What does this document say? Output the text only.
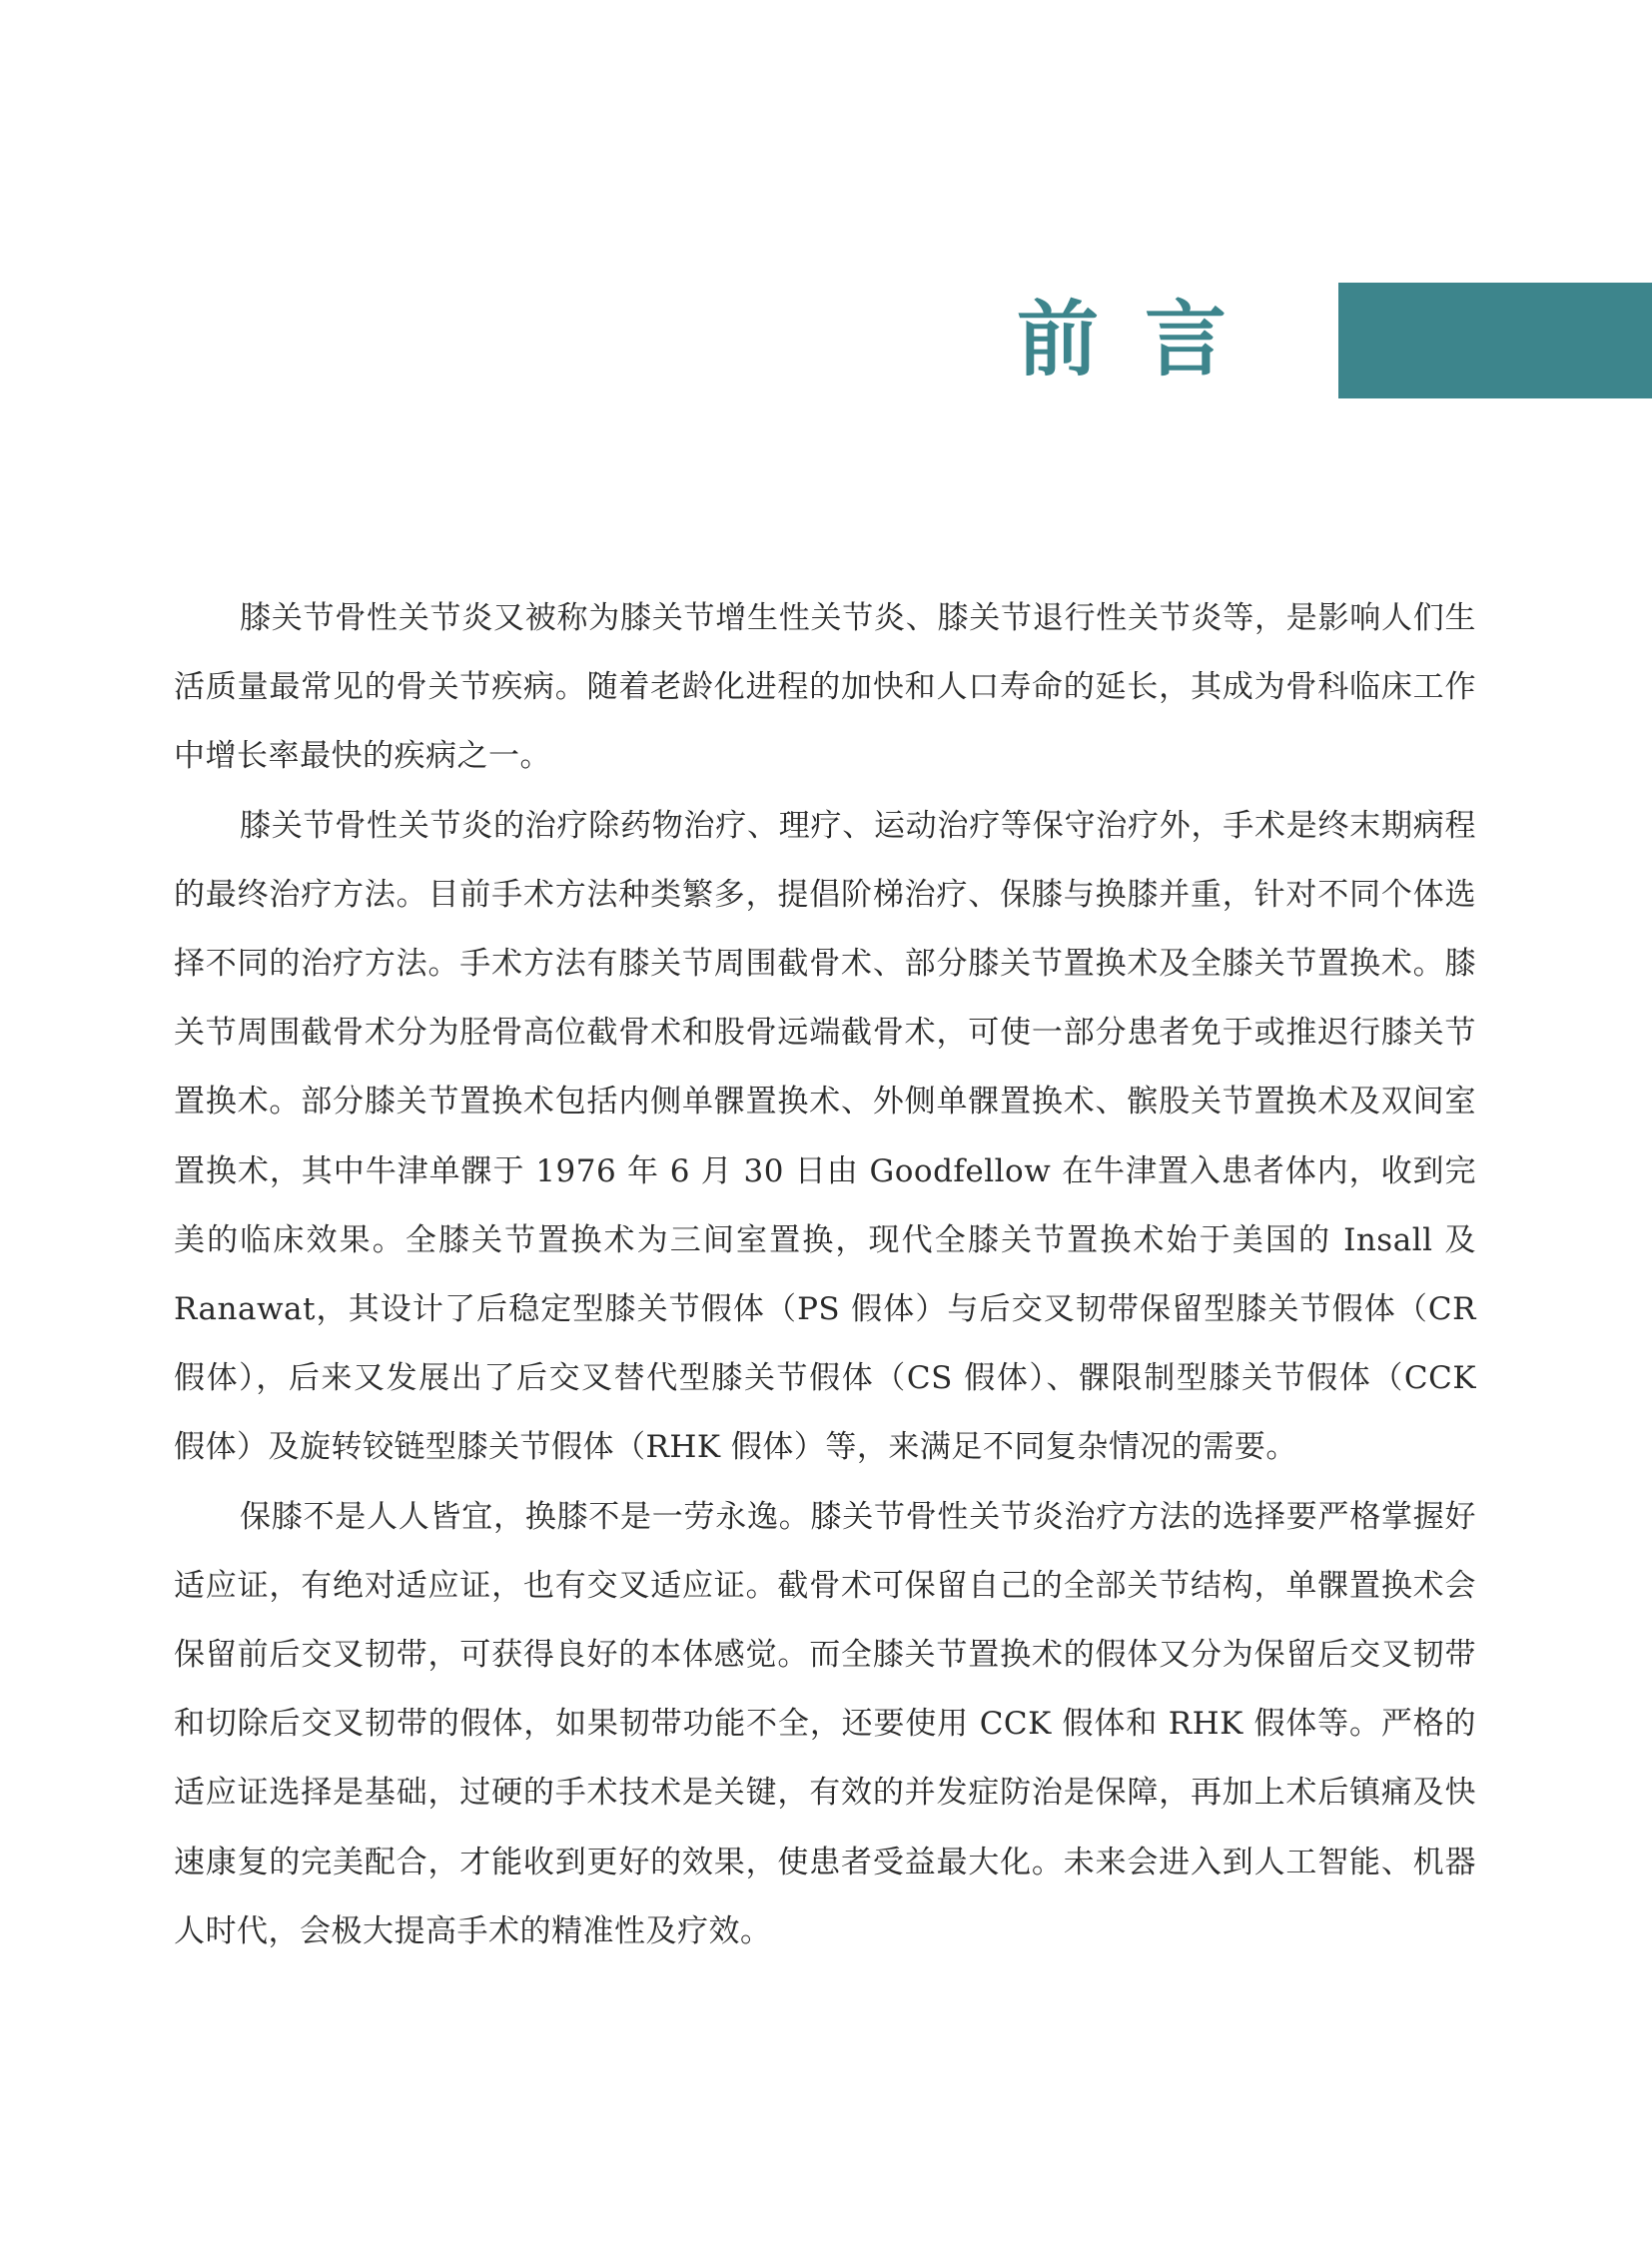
前言

膝关节骨性关节炎又被称为膝关节增生性关节炎、膝关节退行性关节炎等，是影响人们生活质量最常见的骨关节疾病。随着老龄化进程的加快和人口寿命的延长，其成为骨科临床工作中增长率最快的疾病之一。

膝关节骨性关节炎的治疗除药物治疗、理疗、运动治疗等保守治疗外，手术是终末期病程的最终治疗方法。目前手术方法种类繁多，提倡阶梯治疗、保膝与换膝并重，针对不同个体选择不同的治疗方法。手术方法有膝关节周围截骨术、部分膝关节置换术及全膝关节置换术。膝关节周围截骨术分为胫骨高位截骨术和股骨远端截骨术，可使一部分患者免于或推迟行膝关节置换术。部分膝关节置换术包括内侧单髁置换术、外侧单髁置换术、髌股关节置换术及双间室置换术，其中牛津单髁于 1976 年 6 月 30 日由 Goodfellow 在牛津置入患者体内，收到完美的临床效果。全膝关节置换术为三间室置换，现代全膝关节置换术始于美国的 Insall 及 Ranawat，其设计了后稳定型膝关节假体（PS 假体）与后交叉韧带保留型膝关节假体（CR 假体），后来又发展出了后交叉替代型膝关节假体（CS 假体）、髁限制型膝关节假体（CCK 假体）及旋转铰链型膝关节假体（RHK 假体）等，来满足不同复杂情况的需要。

保膝不是人人皆宜，换膝不是一劳永逸。膝关节骨性关节炎治疗方法的选择要严格掌握好适应证，有绝对适应证，也有交叉适应证。截骨术可保留自己的全部关节结构，单髁置换术会保留前后交叉韧带，可获得良好的本体感觉。而全膝关节置换术的假体又分为保留后交叉韧带和切除后交叉韧带的假体，如果韧带功能不全，还要使用 CCK 假体和 RHK 假体等。严格的适应证选择是基础，过硬的手术技术是关键，有效的并发症防治是保障，再加上术后镇痛及快速康复的完美配合，才能收到更好的效果，使患者受益最大化。未来会进入到人工智能、机器人时代，会极大提高手术的精准性及疗效。
